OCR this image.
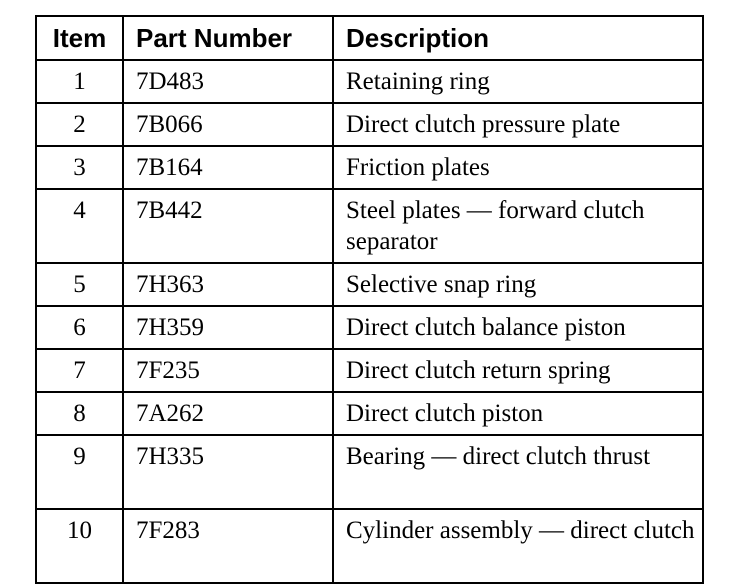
Item	Part Number	Description
1	7D483	Retaining ring
2	7B066	Direct clutch pressure plate
3	7B164	Friction plates
4	7B442	Steel plates — forward clutch separator
5	7H363	Selective snap ring
6	7H359	Direct clutch balance piston
7	7F235	Direct clutch return spring
8	7A262	Direct clutch piston
9	7H335	Bearing — direct clutch thrust
10	7F283	Cylinder assembly — direct clutch
